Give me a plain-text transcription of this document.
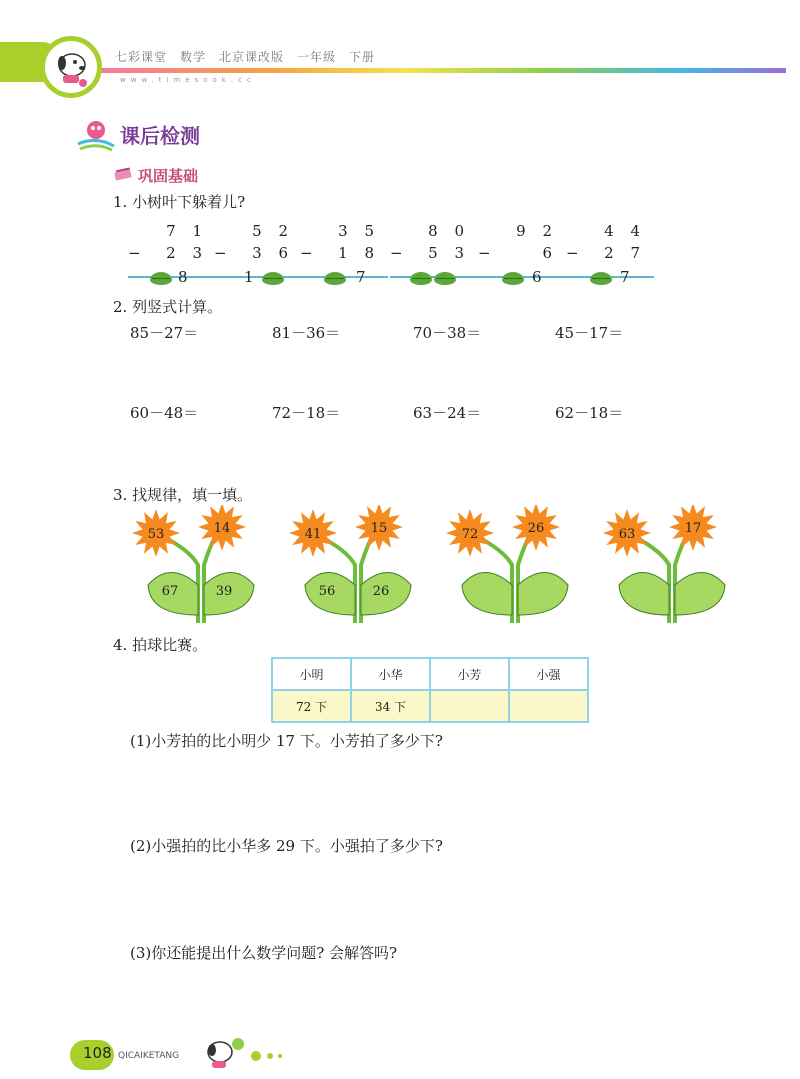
七彩课堂　数学　北京课改版　一年级　下册
www.timesook.cc
课后检测
巩固基础
1. 小树叶下躲着儿?
7 1
− 2 3
8
5 2
− 3 6
1
3 5
− 1 8
7
8 0
− 5 3
9 2
−	6
6
4 4
− 2 7
7
2. 列竖式计算。
85－27＝	81－36＝	70－38＝	45－17＝
60－48＝	72－18＝	63－24＝	62－18＝
3. 找规律，填一填。
53	14
67	39
41	15
56	26
72	26	63	17
4. 拍球比赛。
小明	小华	小芳	小强
72 下	34 下		
(1)小芳拍的比小明少 17 下。小芳拍了多少下?
(2)小强拍的比小华多 29 下。小强拍了多少下?
(3)你还能提出什么数学问题? 会解答吗?
108 QICAIKETANG
